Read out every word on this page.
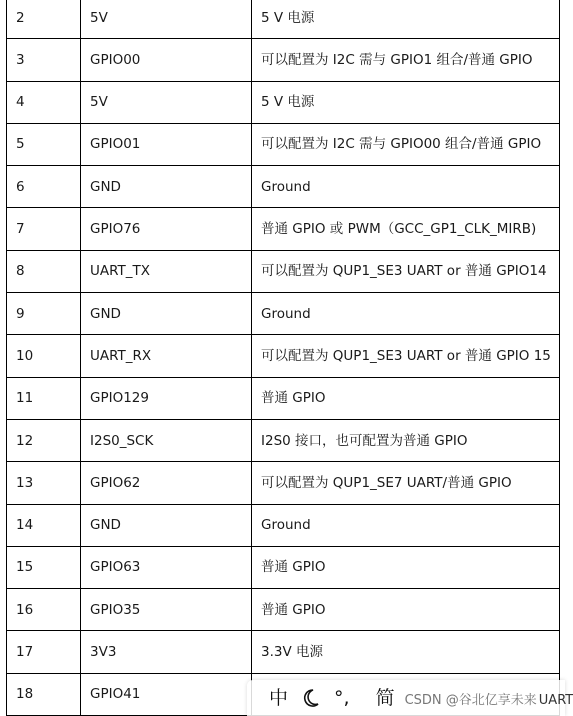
2	5V	5 V 电源
3	GPIO00	可以配置为 I2C 需与 GPIO1 组合/普通 GPIO
4	5V	5 V 电源
5	GPIO01	可以配置为 I2C 需与 GPIO00 组合/普通 GPIO
6	GND	Ground
7	GPIO76	普通 GPIO 或 PWM（GCC_GP1_CLK_MIRB)
8	UART_TX	可以配置为 QUP1_SE3 UART or 普通 GPIO14
9	GND	Ground
10	UART_RX	可以配置为 QUP1_SE3 UART or 普通 GPIO 15
11	GPIO129	普通 GPIO
12	I2S0_SCK	I2S0 接口，也可配置为普通 GPIO
13	GPIO62	可以配置为 QUP1_SE7 UART/普通 GPIO
14	GND	Ground
15	GPIO63	普通 GPIO
16	GPIO35	普通 GPIO
17	3V3	3.3V 电源
18	GPIO41		中 °, 简 CSDN @谷北亿享未来 UART
